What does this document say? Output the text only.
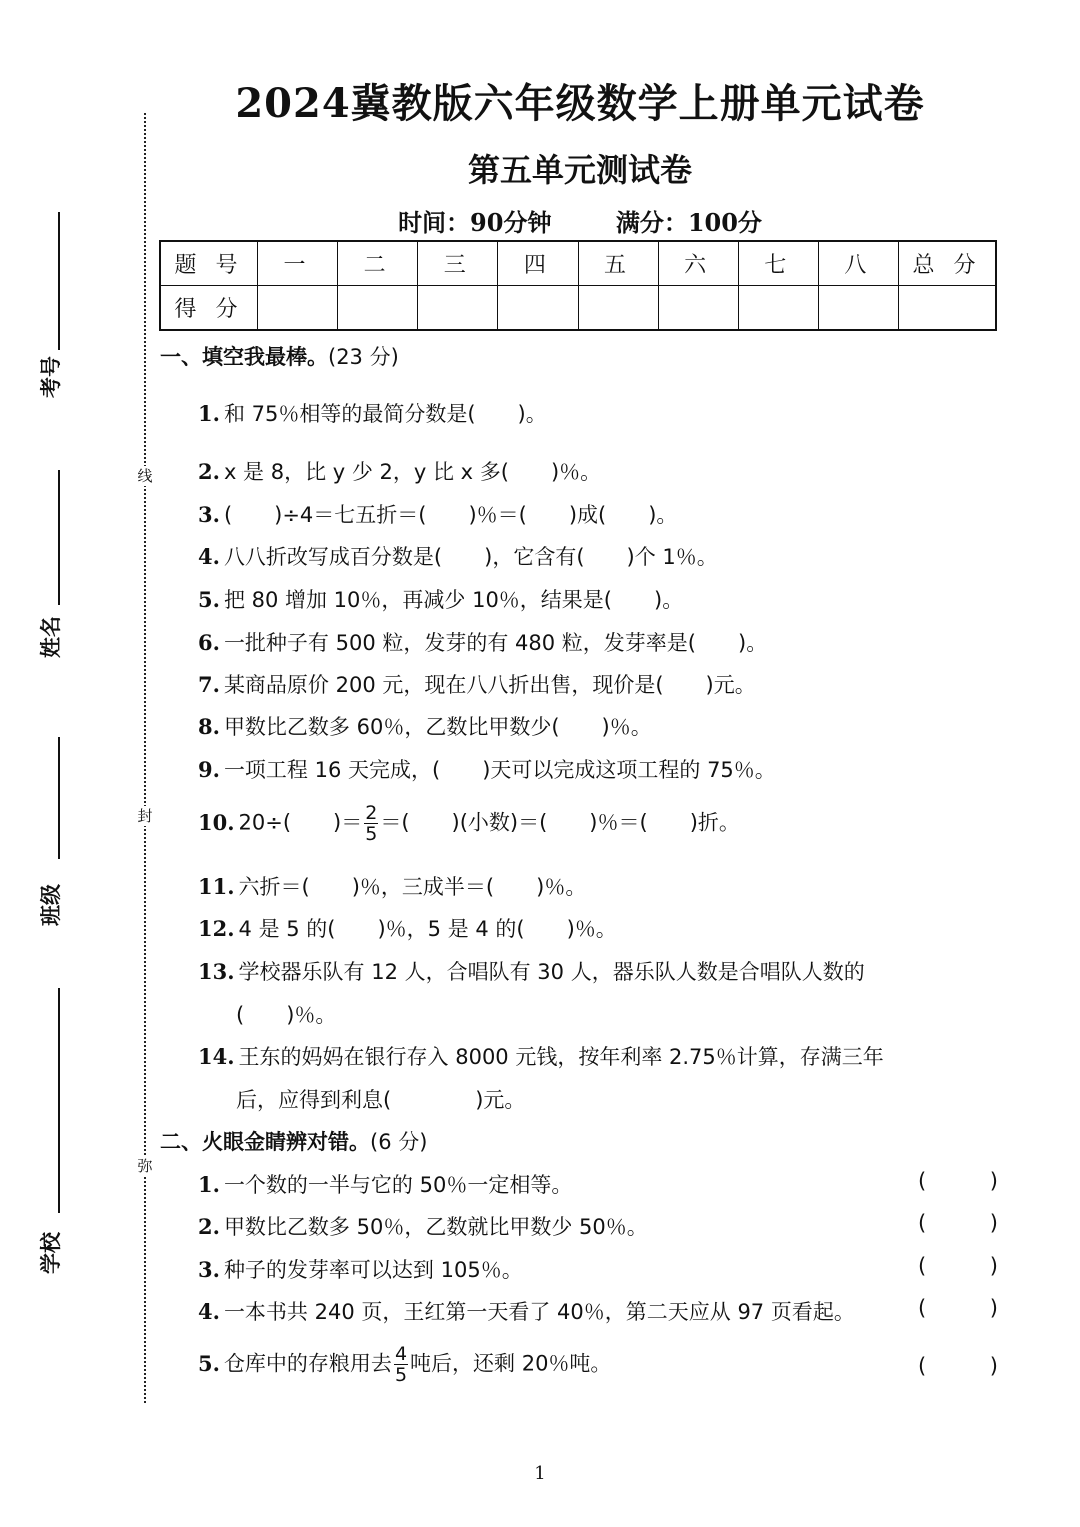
考号
姓名
班级
学校
线
封
弥
2024冀教版六年级数学上册单元试卷
第五单元测试卷
时间：90分钟	满分：100分
题 号	一	二	三	四	五	六	七	八	总 分
得 分									
一、填空我最棒。(23 分)
1. 和 75％相等的最简分数是(　　)。
2. x 是 8，比 y 少 2，y 比 x 多(　　)％。
3. (　　)÷4＝七五折＝(　　)％＝(　　)成(　　)。
4. 八八折改写成百分数是(　　)，它含有(　　)个 1％。
5. 把 80 增加 10％，再减少 10％，结果是(　　)。
6. 一批种子有 500 粒，发芽的有 480 粒，发芽率是(　　)。
7. 某商品原价 200 元，现在八八折出售，现价是(　　)元。
8. 甲数比乙数多 60％，乙数比甲数少(　　)％。
9. 一项工程 16 天完成，(　　)天可以完成这项工程的 75％。
10. 20÷(　　)＝ $\frac{2}{5}$ ＝(　　)(小数)＝(　　)％＝(　　)折。
11. 六折＝(　　)％，三成半＝(　　)％。
12. 4 是 5 的(　　)％，5 是 4 的(　　)％。
13. 学校器乐队有 12 人，合唱队有 30 人，器乐队人数是合唱队人数的
(　　)％。
14. 王东的妈妈在银行存入 8000 元钱，按年利率 2.75％计算，存满三年
后，应得到利息(　　　　)元。
二、火眼金睛辨对错。(6 分)
1. 一个数的一半与它的 50％一定相等。	(	)
2. 甲数比乙数多 50％，乙数就比甲数少 50％。	(	)
3. 种子的发芽率可以达到 105％。	(	)
4. 一本书共 240 页，王红第一天看了 40％，第二天应从 97 页看起。	(	)
5. 仓库中的存粮用去 $\frac{4}{5}$ 吨后，还剩 20％吨。	(	)
1
